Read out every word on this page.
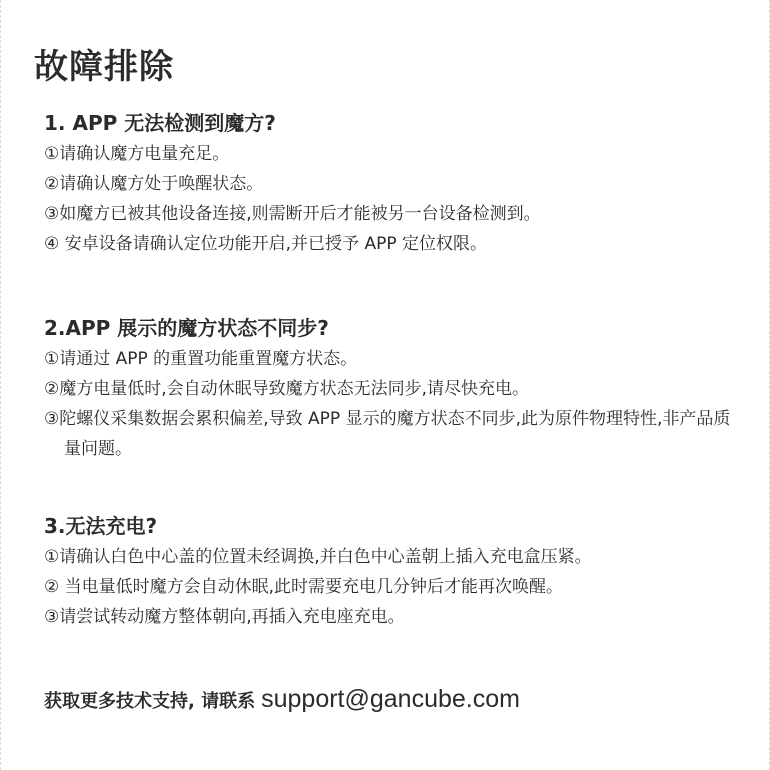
故障排除

1. APP 无法检测到魔方?

①请确认魔方电量充足。
②请确认魔方处于唤醒状态。
③如魔方已被其他设备连接,则需断开后才能被另一台设备检测到。
④ 安卓设备请确认定位功能开启,并已授予 APP 定位权限。

2.APP 展示的魔方状态不同步?

①请通过 APP 的重置功能重置魔方状态。
②魔方电量低时,会自动休眠导致魔方状态无法同步,请尽快充电。
③陀螺仪采集数据会累积偏差,导致 APP 显示的魔方状态不同步,此为原件物理特性,非产品质量问题。

3.无法充电?

①请确认白色中心盖的位置未经调换,并白色中心盖朝上插入充电盒压紧。
② 当电量低时魔方会自动休眠,此时需要充电几分钟后才能再次唤醒。
③请尝试转动魔方整体朝向,再插入充电座充电。
获取更多技术支持, 请联系 support@gancube.com
